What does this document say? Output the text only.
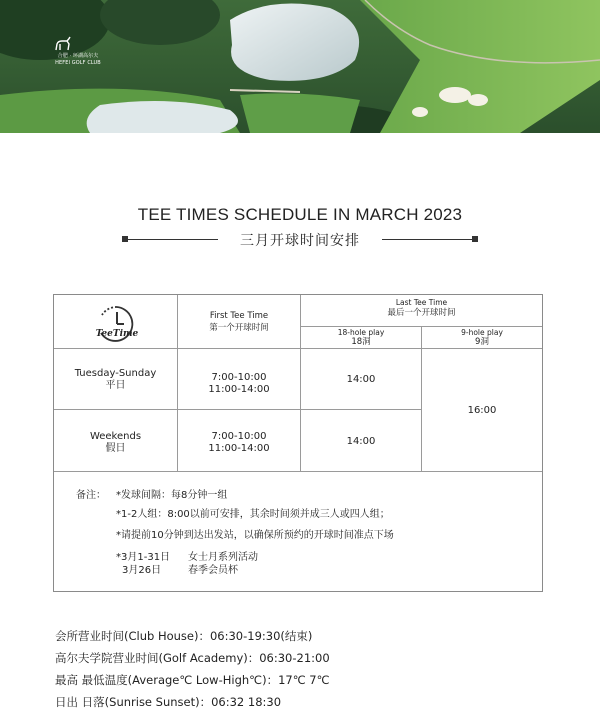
合肥 · 环湖高尔夫
HEFEI GOLF CLUB
TEE TIMES SCHEDULE IN MARCH 2023
三月开球时间安排
TeeTime
First Tee Time
第一个开球时间
Last Tee Time
最后一个开球时间
18-hole play
18洞
9-hole play
9洞
Tuesday-Sunday
平日
7:00-10:00
11:00-14:00
14:00
Weekends
假日
7:00-10:00
11:00-14:00
14:00
16:00
备注： *发球间隔：每8分钟一组
*1-2人组：8:00以前可安排，其余时间须并成三人或四人组；
*请提前10分钟到达出发站，以确保所预约的开球时间准点下场
*3月1-31日 女士月系列活动
3月26日	春季会员杯
会所营业时间(Club House)：06:30-19:30(结束)
高尔夫学院营业时间(Golf Academy)：06:30-21:00
最高 最低温度(Average℃ Low-High℃)：17℃ 7℃
日出 日落(Sunrise Sunset)：06:32 18:30
